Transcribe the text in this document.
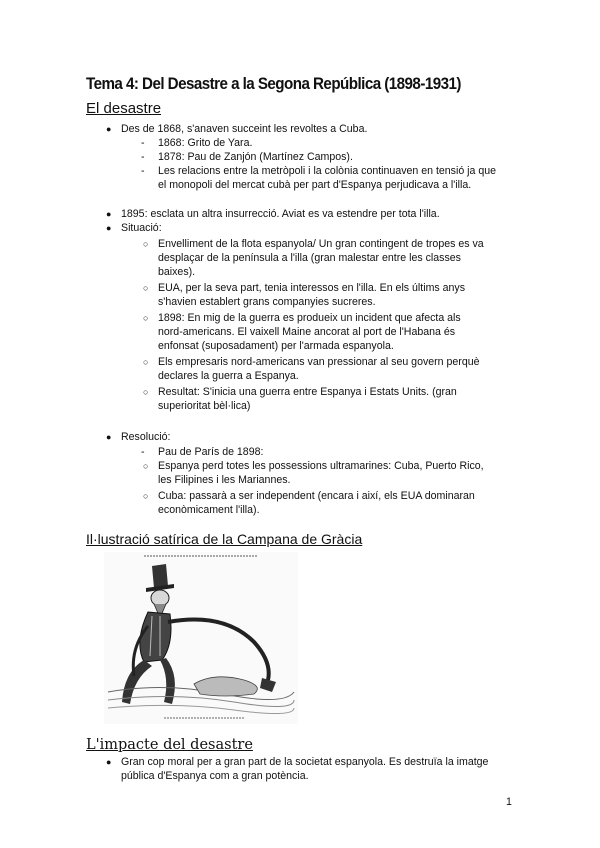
Tema 4: Del Desastre a la Segona República (1898-1931)
El desastre
● Des de 1868, s'anaven succeint les revoltes a Cuba.

- 1868: Grito de Yara.

- 1878: Pau de Zanjón (Martínez Campos).

- Les relacions entre la metròpoli i la colònia continuaven en tensió ja que

el monopoli del mercat cubà per part d'Espanya perjudicava a l'illa.

● 1895: esclata un altra insurrecció. Aviat es va estendre per tota l'illa.

● Situació:

○ Envelliment de la flota espanyola/ Un gran contingent de tropes es va

desplaçar de la península a l'illa (gran malestar entre les classes

baixes).

○ EUA, per la seva part, tenia interessos en l'illa. En els últims anys

s'havien establert grans companyies sucreres.

○ 1898: En mig de la guerra es produeix un incident que afecta als

nord-americans. El vaixell Maine ancorat al port de l'Habana és

enfonsat (suposadament) per l'armada espanyola.

○ Els empresaris nord-americans van pressionar al seu govern perquè

declares la guerra a Espanya.

○ Resultat: S'inicia una guerra entre Espanya i Estats Units. (gran

superioritat bèl·lica)

● Resolució:

- Pau de París de 1898:

○ Espanya perd totes les possessions ultramarines: Cuba, Puerto Rico,

les Filipines i les Mariannes.

○ Cuba: passarà a ser independent (encara i així, els EUA dominaran

econòmicament l'illa).

Il·lustració satírica de la Campana de Gràcia
L'impacte del desastre
● Gran cop moral per a gran part de la societat espanyola. Es destruïa la imatge

pública d'Espanya com a gran potència.

1
